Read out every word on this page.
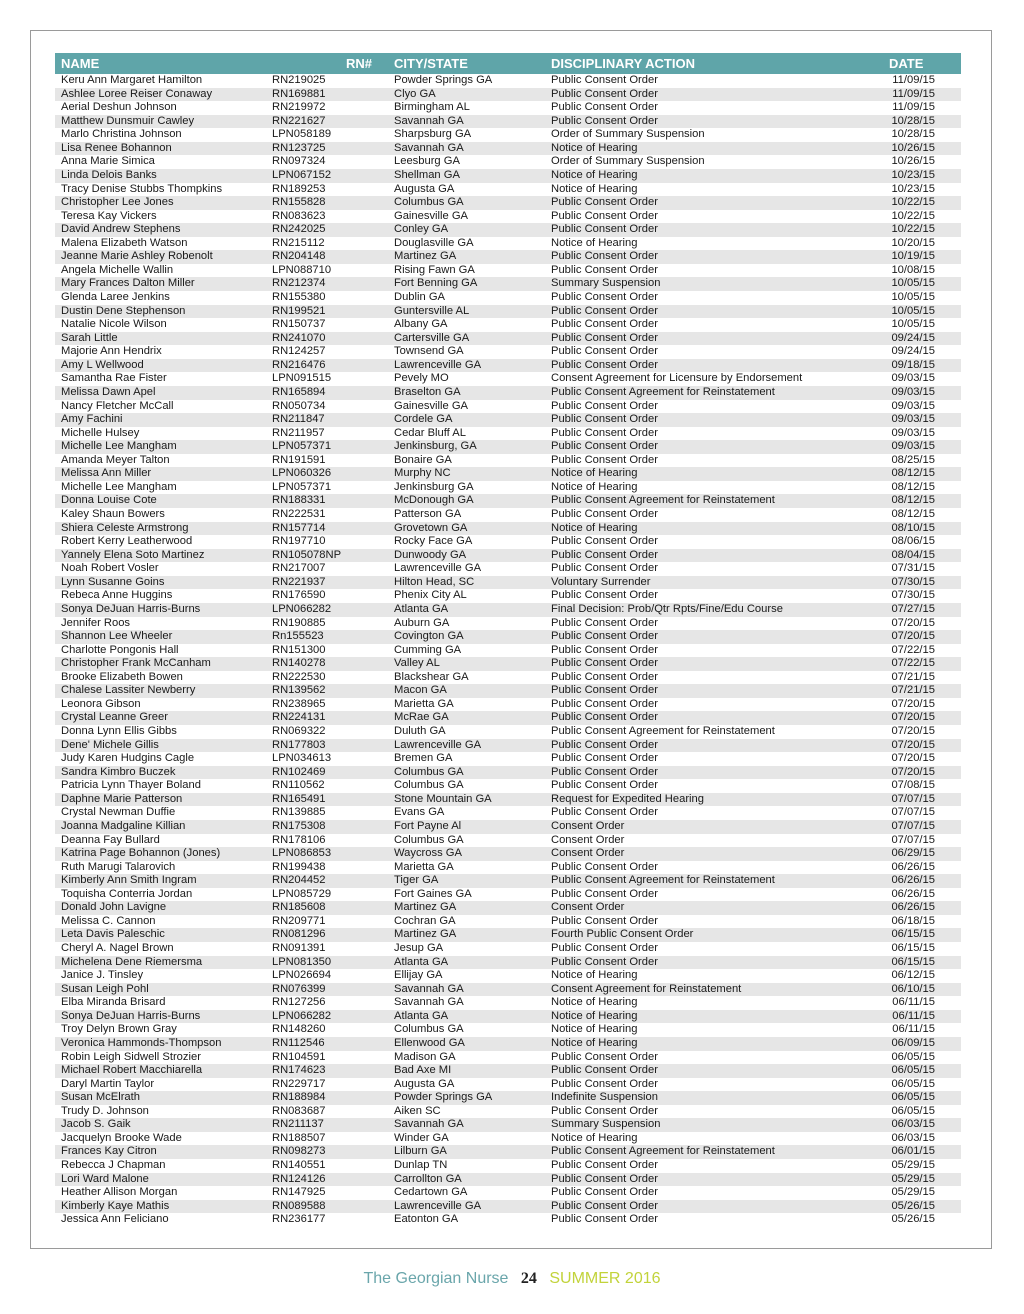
NAME	RN#	CITY/STATE	DISCIPLINARY ACTION	DATE
Keru Ann Margaret Hamilton	RN219025	Powder Springs GA	Public Consent Order	11/09/15
Ashlee Loree Reiser Conaway	RN169881	Clyo GA	Public Consent Order	11/09/15
Aerial Deshun Johnson	RN219972	Birmingham AL	Public Consent Order	11/09/15
Matthew Dunsmuir Cawley	RN221627	Savannah GA	Public Consent Order	10/28/15
Marlo Christina Johnson	LPN058189	Sharpsburg GA	Order of Summary Suspension	10/28/15
Lisa Renee Bohannon	RN123725	Savannah GA	Notice of Hearing	10/26/15
Anna Marie Simica	RN097324	Leesburg GA	Order of Summary Suspension	10/26/15
Linda Delois Banks	LPN067152	Shellman GA	Notice of Hearing	10/23/15
Tracy Denise Stubbs Thompkins	RN189253	Augusta GA	Notice of Hearing	10/23/15
Christopher Lee Jones	RN155828	Columbus GA	Public Consent Order	10/22/15
Teresa Kay Vickers	RN083623	Gainesville GA	Public Consent Order	10/22/15
David Andrew Stephens	RN242025	Conley GA	Public Consent Order	10/22/15
Malena Elizabeth Watson	RN215112	Douglasville GA	Notice of Hearing	10/20/15
Jeanne Marie Ashley Robenolt	RN204148	Martinez GA	Public Consent Order	10/19/15
Angela Michelle Wallin	LPN088710	Rising Fawn GA	Public Consent Order	10/08/15
Mary Frances Dalton Miller	RN212374	Fort Benning GA	Summary Suspension	10/05/15
Glenda Laree Jenkins	RN155380	Dublin GA	Public Consent Order	10/05/15
Dustin Dene Stephenson	RN199521	Guntersville AL	Public Consent Order	10/05/15
Natalie Nicole Wilson	RN150737	Albany GA	Public Consent Order	10/05/15
Sarah Little	RN241070	Cartersville GA	Public Consent Order	09/24/15
Majorie Ann Hendrix	RN124257	Townsend GA	Public Consent Order	09/24/15
Amy L Wellwood	RN216476	Lawrenceville GA	Public Consent Order	09/18/15
Samantha Rae Fister	LPN091515	Pevely MO	Consent Agreement for Licensure by Endorsement	09/03/15
Melissa Dawn Apel	RN165894	Braselton GA	Public Consent Agreement for Reinstatement	09/03/15
Nancy Fletcher McCall	RN050734	Gainesville GA	Public Consent Order	09/03/15
Amy Fachini	RN211847	Cordele GA	Public Consent Order	09/03/15
Michelle Hulsey	RN211957	Cedar Bluff AL	Public Consent Order	09/03/15
Michelle Lee Mangham	LPN057371	Jenkinsburg, GA	Public Consent Order	09/03/15
Amanda Meyer Talton	RN191591	Bonaire GA	Public Consent Order	08/25/15
Melissa Ann Miller	LPN060326	Murphy NC	Notice of Hearing	08/12/15
Michelle Lee Mangham	LPN057371	Jenkinsburg GA	Notice of Hearing	08/12/15
Donna Louise Cote	RN188331	McDonough GA	Public Consent Agreement for Reinstatement	08/12/15
Kaley Shaun Bowers	RN222531	Patterson GA	Public Consent Order	08/12/15
Shiera Celeste Armstrong	RN157714	Grovetown GA	Notice of Hearing	08/10/15
Robert Kerry Leatherwood	RN197710	Rocky Face GA	Public Consent Order	08/06/15
Yannely Elena Soto Martinez	RN105078NP	Dunwoody GA	Public Consent Order	08/04/15
Noah Robert Vosler	RN217007	Lawrenceville GA	Public Consent Order	07/31/15
Lynn Susanne Goins	RN221937	Hilton Head, SC	Voluntary Surrender	07/30/15
Rebeca Anne Huggins	RN176590	Phenix City AL	Public Consent Order	07/30/15
Sonya DeJuan Harris-Burns	LPN066282	Atlanta GA	Final Decision: Prob/Qtr Rpts/Fine/Edu Course	07/27/15
Jennifer Roos	RN190885	Auburn GA	Public Consent Order	07/20/15
Shannon Lee Wheeler	Rn155523	Covington GA	Public Consent Order	07/20/15
Charlotte Pongonis Hall	RN151300	Cumming GA	Public Consent Order	07/22/15
Christopher Frank McCanham	RN140278	Valley AL	Public Consent Order	07/22/15
Brooke Elizabeth Bowen	RN222530	Blackshear GA	Public Consent Order	07/21/15
Chalese Lassiter Newberry	RN139562	Macon GA	Public Consent Order	07/21/15
Leonora Gibson	RN238965	Marietta GA	Public Consent Order	07/20/15
Crystal Leanne Greer	RN224131	McRae GA	Public Consent Order	07/20/15
Donna Lynn Ellis Gibbs	RN069322	Duluth GA	Public Consent Agreement for Reinstatement	07/20/15
Dene' Michele Gillis	RN177803	Lawrenceville GA	Public Consent Order	07/20/15
Judy Karen Hudgins Cagle	LPN034613	Bremen GA	Public Consent Order	07/20/15
Sandra Kimbro Buczek	RN102469	Columbus GA	Public Consent Order	07/20/15
Patricia Lynn Thayer Boland	RN110562	Columbus GA	Public Consent Order	07/08/15
Daphne Marie Patterson	RN165491	Stone Mountain GA	Request for Expedited Hearing	07/07/15
Crystal Newman Duffie	RN139885	Evans GA	Public Consent Order	07/07/15
Joanna Madgaline Killian	RN175308	Fort Payne Al	Consent Order	07/07/15
Deanna Fay Bullard	RN178106	Columbus GA	Consent Order	07/07/15
Katrina Page Bohannon (Jones)	LPN086853	Waycross GA	Consent Order	06/29/15
Ruth Marugi Talarovich	RN199438	Marietta GA	Public Consent Order	06/26/15
Kimberly Ann Smith Ingram	RN204452	Tiger GA	Public Consent Agreement for Reinstatement	06/26/15
Toquisha Conterria Jordan	LPN085729	Fort Gaines GA	Public Consent Order	06/26/15
Donald John Lavigne	RN185608	Martinez GA	Consent Order	06/26/15
Melissa C. Cannon	RN209771	Cochran GA	Public Consent Order	06/18/15
Leta Davis Paleschic	RN081296	Martinez GA	Fourth Public Consent Order	06/15/15
Cheryl A. Nagel Brown	RN091391	Jesup GA	Public Consent Order	06/15/15
Michelena Dene Riemersma	LPN081350	Atlanta GA	Public Consent Order	06/15/15
Janice J. Tinsley	LPN026694	Ellijay GA	Notice of Hearing	06/12/15
Susan Leigh Pohl	RN076399	Savannah GA	Consent Agreement for Reinstatement	06/10/15
Elba Miranda Brisard	RN127256	Savannah GA	Notice of Hearing	06/11/15
Sonya DeJuan Harris-Burns	LPN066282	Atlanta GA	Notice of Hearing	06/11/15
Troy Delyn Brown Gray	RN148260	Columbus GA	Notice of Hearing	06/11/15
Veronica Hammonds-Thompson	RN112546	Ellenwood GA	Notice of Hearing	06/09/15
Robin Leigh Sidwell Strozier	RN104591	Madison GA	Public Consent Order	06/05/15
Michael Robert Macchiarella	RN174623	Bad Axe MI	Public Consent Order	06/05/15
Daryl Martin Taylor	RN229717	Augusta GA	Public Consent Order	06/05/15
Susan McElrath	RN188984	Powder Springs GA	Indefinite Suspension	06/05/15
Trudy D. Johnson	RN083687	Aiken SC	Public Consent Order	06/05/15
Jacob S. Gaik	RN211137	Savannah GA	Summary Suspension	06/03/15
Jacquelyn Brooke Wade	RN188507	Winder GA	Notice of Hearing	06/03/15
Frances Kay Citron	RN098273	Lilburn GA	Public Consent Agreement for Reinstatement	06/01/15
Rebecca J Chapman	RN140551	Dunlap TN	Public Consent Order	05/29/15
Lori Ward Malone	RN124126	Carrollton GA	Public Consent Order	05/29/15
Heather Allison Morgan	RN147925	Cedartown GA	Public Consent Order	05/29/15
Kimberly Kaye Mathis	RN089588	Lawrenceville GA	Public Consent Order	05/26/15
Jessica Ann Feliciano	RN236177	Eatonton GA	Public Consent Order	05/26/15
The Georgian Nurse 24 SUMMER 2016
